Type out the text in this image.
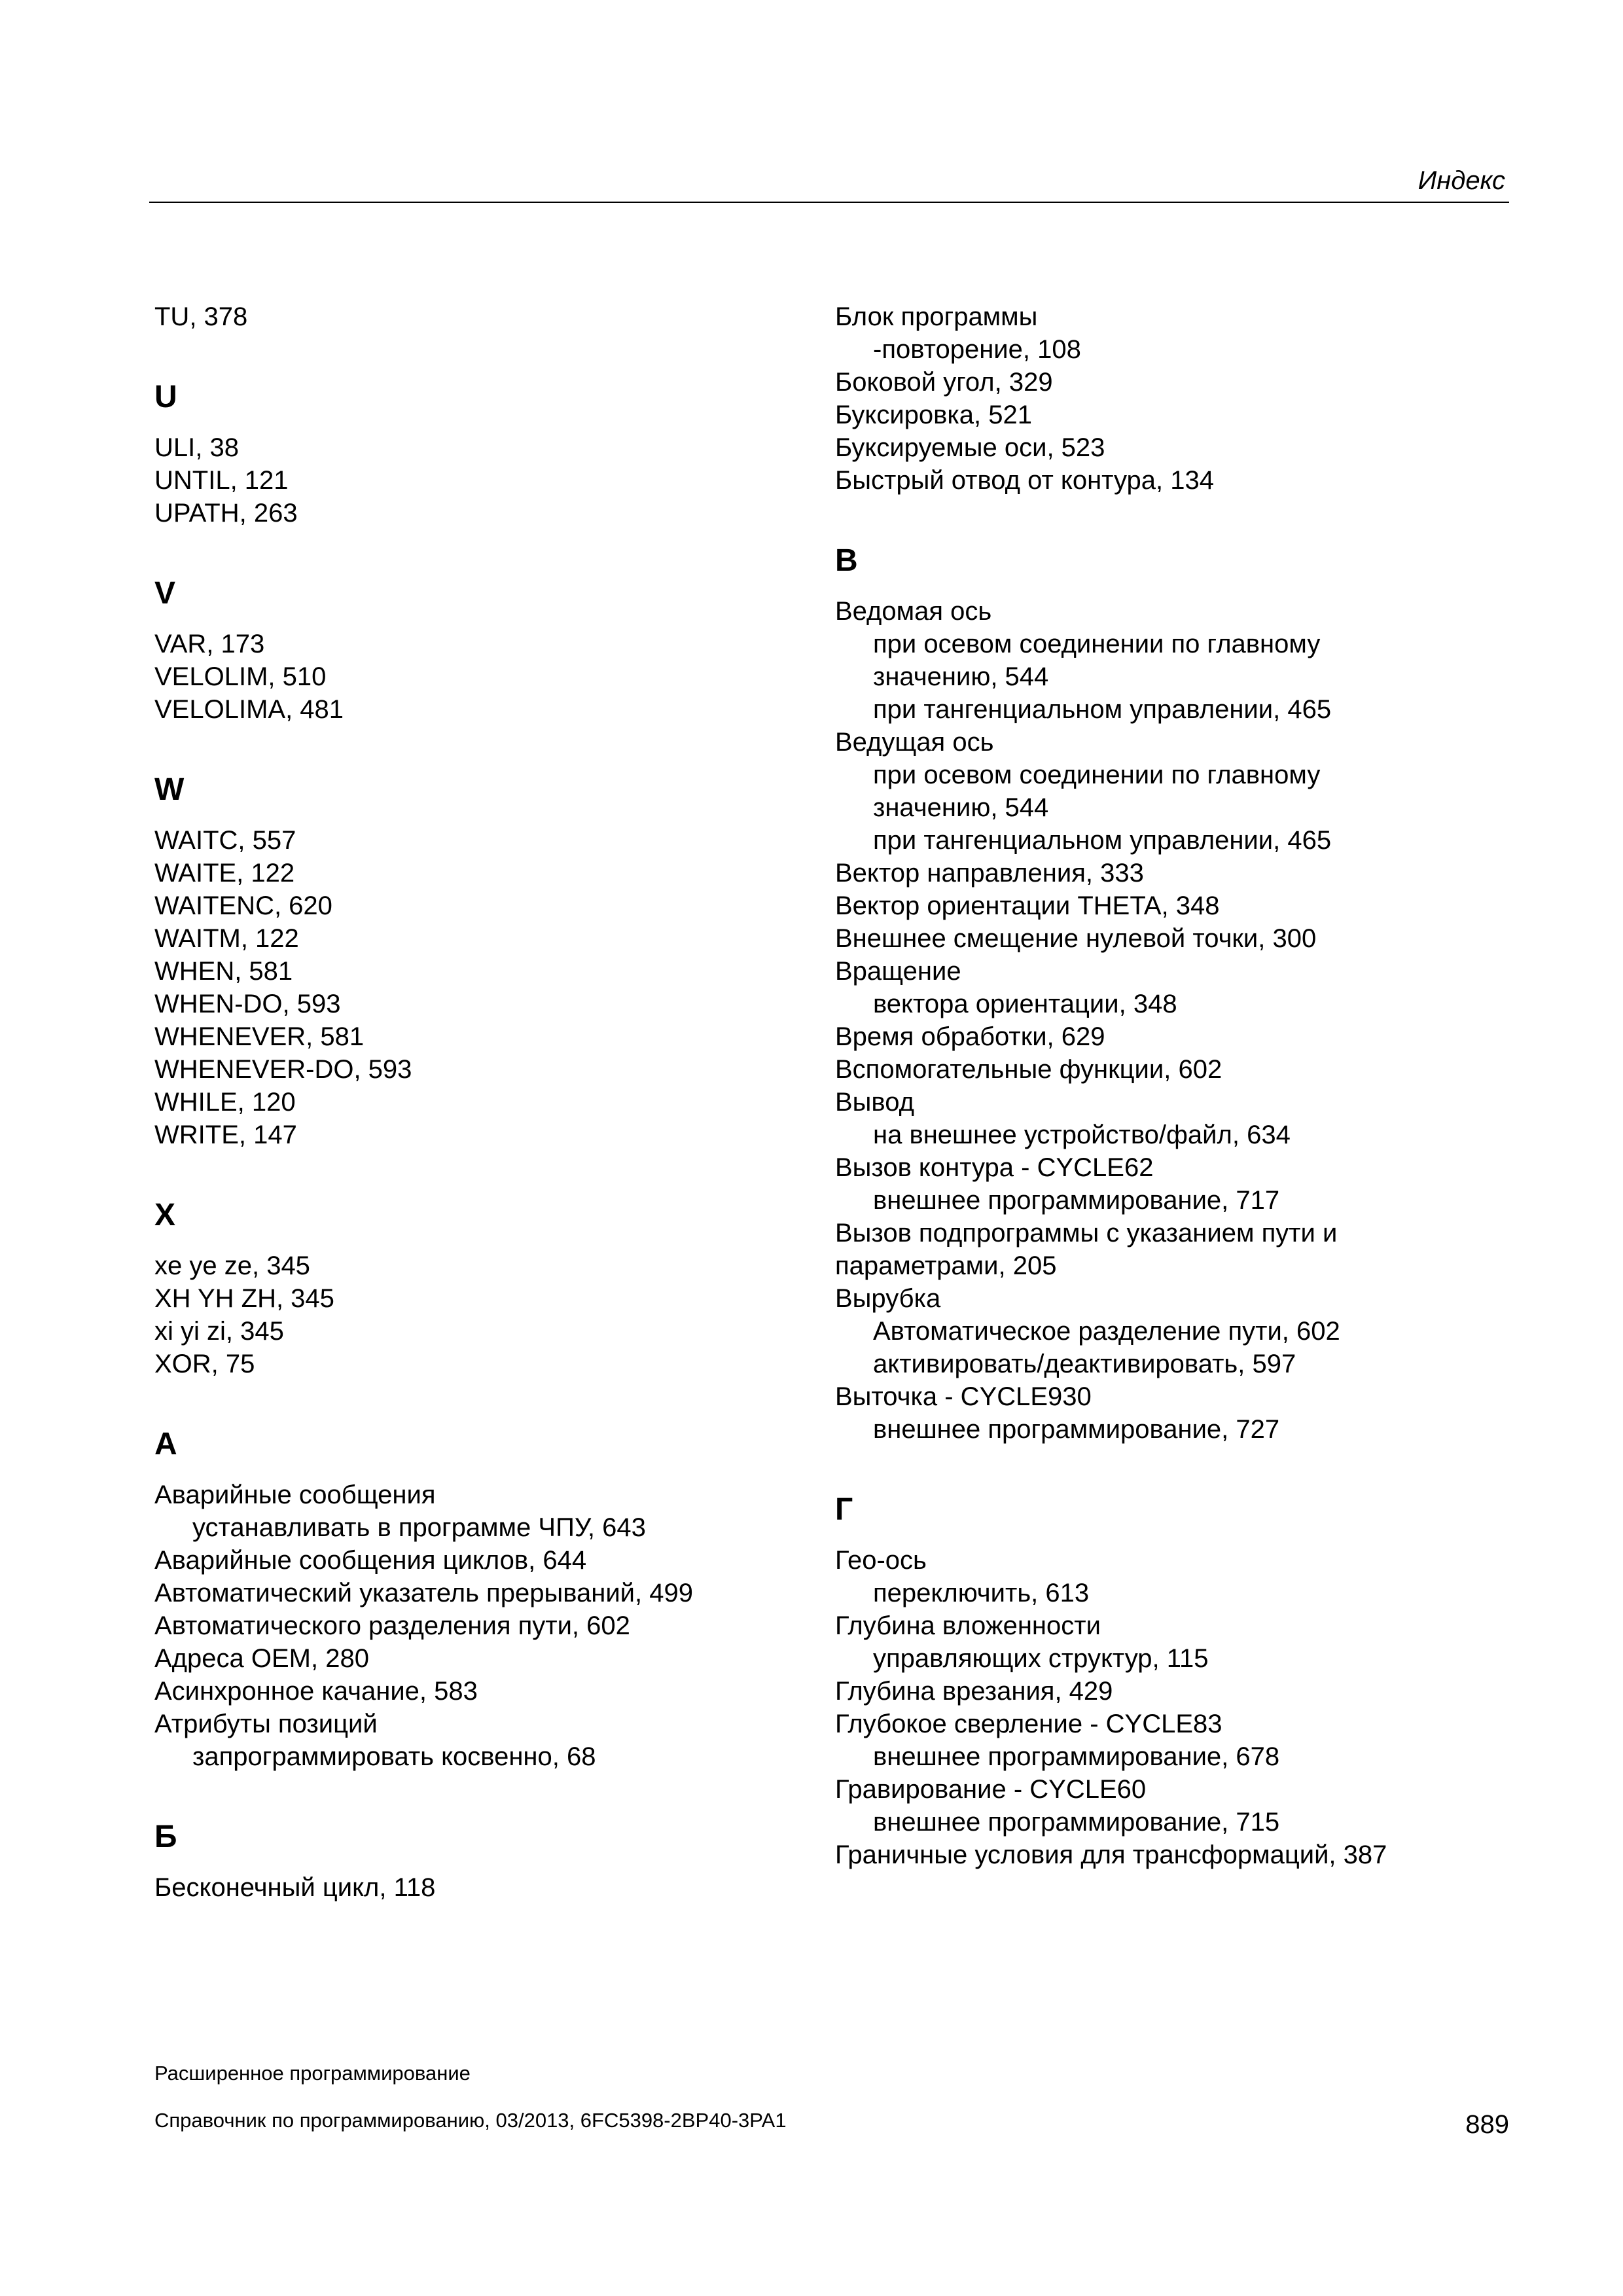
Индекс
TU, 378
U
ULI, 38
UNTIL, 121
UPATH, 263
V
VAR, 173
VELOLIM, 510
VELOLIMA, 481
W
WAITC, 557
WAITE, 122
WAITENC, 620
WAITM, 122
WHEN, 581
WHEN-DO, 593
WHENEVER, 581
WHENEVER-DO, 593
WHILE, 120
WRITE, 147
X
xe ye ze, 345
XH YH ZH, 345
xi yi zi, 345
XOR, 75
А
Аварийные сообщения
устанавливать в программе ЧПУ, 643
Аварийные сообщения циклов, 644
Автоматический указатель прерываний, 499
Автоматического разделения пути, 602
Адреса OEM, 280
Асинхронное качание, 583
Атрибуты позиций
запрограммировать косвенно, 68
Б
Бесконечный цикл, 118
Блок программы
-повторение, 108
Боковой угол, 329
Буксировка, 521
Буксируемые оси, 523
Быстрый отвод от контура, 134
В
Ведомая ось
при осевом соединении по главному
значению, 544
при тангенциальном управлении, 465
Ведущая ось
при осевом соединении по главному
значению, 544
при тангенциальном управлении, 465
Вектор направления, 333
Вектор ориентации THETA, 348
Внешнее смещение нулевой точки, 300
Вращение
вектора ориентации, 348
Время обработки, 629
Вспомогательные функции, 602
Вывод
на внешнее устройство/файл, 634
Вызов контура - CYCLE62
внешнее программирование, 717
Вызов подпрограммы с указанием пути и
параметрами, 205
Вырубка
Автоматическое разделение пути, 602
активировать/деактивировать, 597
Выточка - CYCLE930
внешнее программирование, 727
Г
Гео-ось
переключить, 613
Глубина вложенности
управляющих структур, 115
Глубина врезания, 429
Глубокое сверление - CYCLE83
внешнее программирование, 678
Гравирование - CYCLE60
внешнее программирование, 715
Граничные условия для трансформаций, 387
Расширенное программирование
Справочник по программированию, 03/2013, 6FC5398-2BP40-3PA1	889
